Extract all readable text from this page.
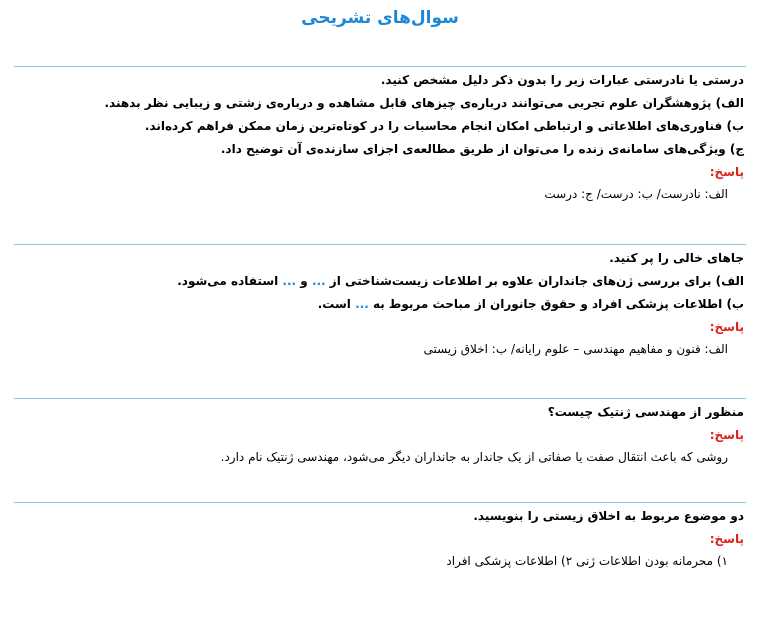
سوال‌های تشریحی
درستی یا نادرستی عبارات زیر را بدون ذکر دلیل مشخص کنید.
الف) پژوهشگران علوم تجربی می‌توانند درباره‌ی چیزهای قابل مشاهده و درباره‌ی زشتی و زیبایی نظر بدهند.
ب) فناوری‌های اطلاعاتی و ارتباطی امکان انجام محاسبات را در کوتاه‌ترین زمان ممکن فراهم کرده‌اند.
ج) ویژگی‌های سامانه‌ی زنده را می‌توان از طریق مطالعه‌ی اجزای سازنده‌ی آن توضیح داد.
پاسخ:
الف: نادرست/ ب: درست/ ج: درست
جاهای خالی را پر کنید.
الف) برای بررسی ژن‌های جانداران علاوه بر اطلاعات زیست‌شناختی از ... و ... استفاده می‌شود.
ب) اطلاعات پزشکی افراد و حقوق جانوران از مباحث مربوط به ... است.
پاسخ:
الف: فنون و مفاهیم مهندسی – علوم رایانه/ ب: اخلاق زیستی
منظور از مهندسی ژنتیک چیست؟
پاسخ:
روشی که باعث انتقال صفت یا صفاتی از یک جاندار به جانداران دیگر می‌شود، مهندسی ژنتیک نام دارد.
دو موضوع مربوط به اخلاق زیستی را بنویسید.
پاسخ:
۱) محرمانه بودن اطلاعات ژنی ۲) اطلاعات پزشکی افراد
